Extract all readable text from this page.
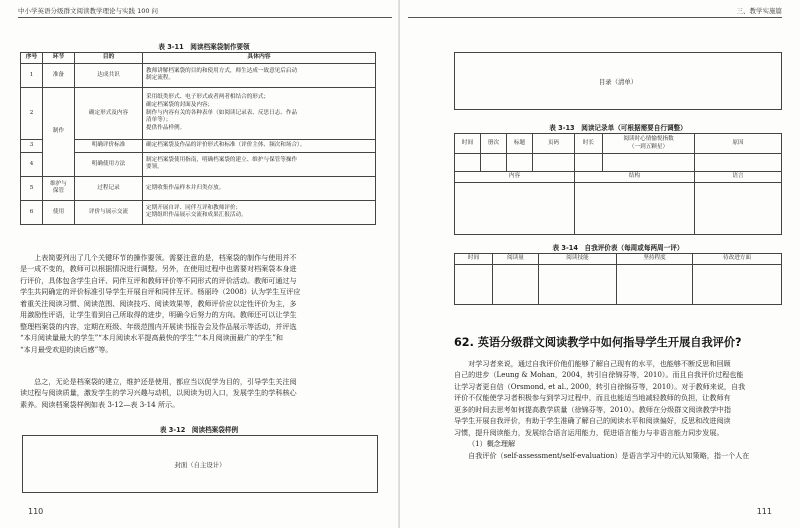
中小学英语分级群文阅读教学理论与实践 100 问
表 3-11　阅读档案袋制作要领
序号	环节	目的	具体内容
1	准备	达成共识	教师讲解档案袋的目的和使用方式，师生达成一致意见后启动
制定流程。

2	制作	确定形式及内容	采用纸类形式、电子形式或者两者相结合的形式；
确定档案袋的封面及内容；
制作与内容有关的各种表单（如阅读记录表、反思日志、作品
清单等）；
提供作品样例。

3		明确评价标准	确定档案袋及作品的评价形式和标准（评价主体、频次和场合）。

4		明确使用方法	制定档案袋使用指南，明确档案袋的建立、维护与保管等操作
要领。

5	维护与
保管	过程记录	定期收集作品样本并归类存放。

6	使用	评价与展示交流	定期开展自评、同伴互评和教师评价；
定期组织作品展示交流和成果汇报活动。
　　上表简要列出了几个关键环节的操作要领。需要注意的是，档案袋的制作与使用并不
是一成不变的，教师可以根据情况进行调整。另外，在使用过程中也需要对档案袋本身进
行评价，具体包含学生自评、同伴互评和教师评价等不同形式的评价活动。教师可通过与
学生共同确定的评价标准引导学生开展自评和同伴互评。杨丽玲（2008）认为学生互评应
着重关注阅读习惯、阅读范围、阅读技巧、阅读效果等，教师评价应以定性评价为主，多
用激励性评语，让学生看到自己所取得的进步，明确今后努力的方向。教师还可以让学生
整理档案袋的内容，定期在班级、年级范围内开展读书报告会及作品展示等活动，并评选
“本月阅读量最大的学生”“本月阅读水平提高最快的学生”“本月阅读面最广的学生”和
“本月最受欢迎的读后感”等。
　　总之，无论是档案袋的建立，维护还是使用，都应当以促学为目的，引导学生关注阅
读过程与阅读质量，激发学生的学习兴趣与动机，以阅读为切入口，发展学生的学科核心
素养。阅读档案袋样例如表 3-12—表 3-14 所示。
表 3-12　阅读档案袋样例
封面（自主设计）
110
三、教学实施篇
目录（清单）
表 3-13　阅读记录单（可根据需要自行调整）
时间	册次	标题	页码	时长	阅读时心情愉悦指数
（一到五颗星）	原因

内容				结构		语言

表 3-14　自我评价表（每周或每两周一评）
时间	阅读量	阅读技能	坚持程度	待改进方面

62. 英语分级群文阅读教学中如何指导学生开展自我评价?
　　对学习者来说，通过自我评价他们能够了解自己现有的水平，也能够不断反思和回顾
自己的进步（Leung & Mohan，2004，转引自徐锦芬等，2010）。而且自我评价过程也能
让学习者更自信（Orsmond, et al., 2000，转引自徐锦芬等，2010）。对于教师来说，自我
评价不仅能使学习者积极参与到学习过程中，而且也能适当地减轻教师的负担，让教师有
更多的时间去思考如何提高教学质量（徐锦芬等，2010）。教师在分级群文阅读教学中指
导学生开展自我评价，有助于学生准确了解自己的阅读水平和阅读偏好，反思和改进阅读
习惯，提升阅读能力，发展综合语言运用能力，促进语言能力与非语言能力同步发展。
（1）概念理解
　　自我评价（self-assessment/self-evaluation）是语言学习中的元认知策略，指一个人在
111
